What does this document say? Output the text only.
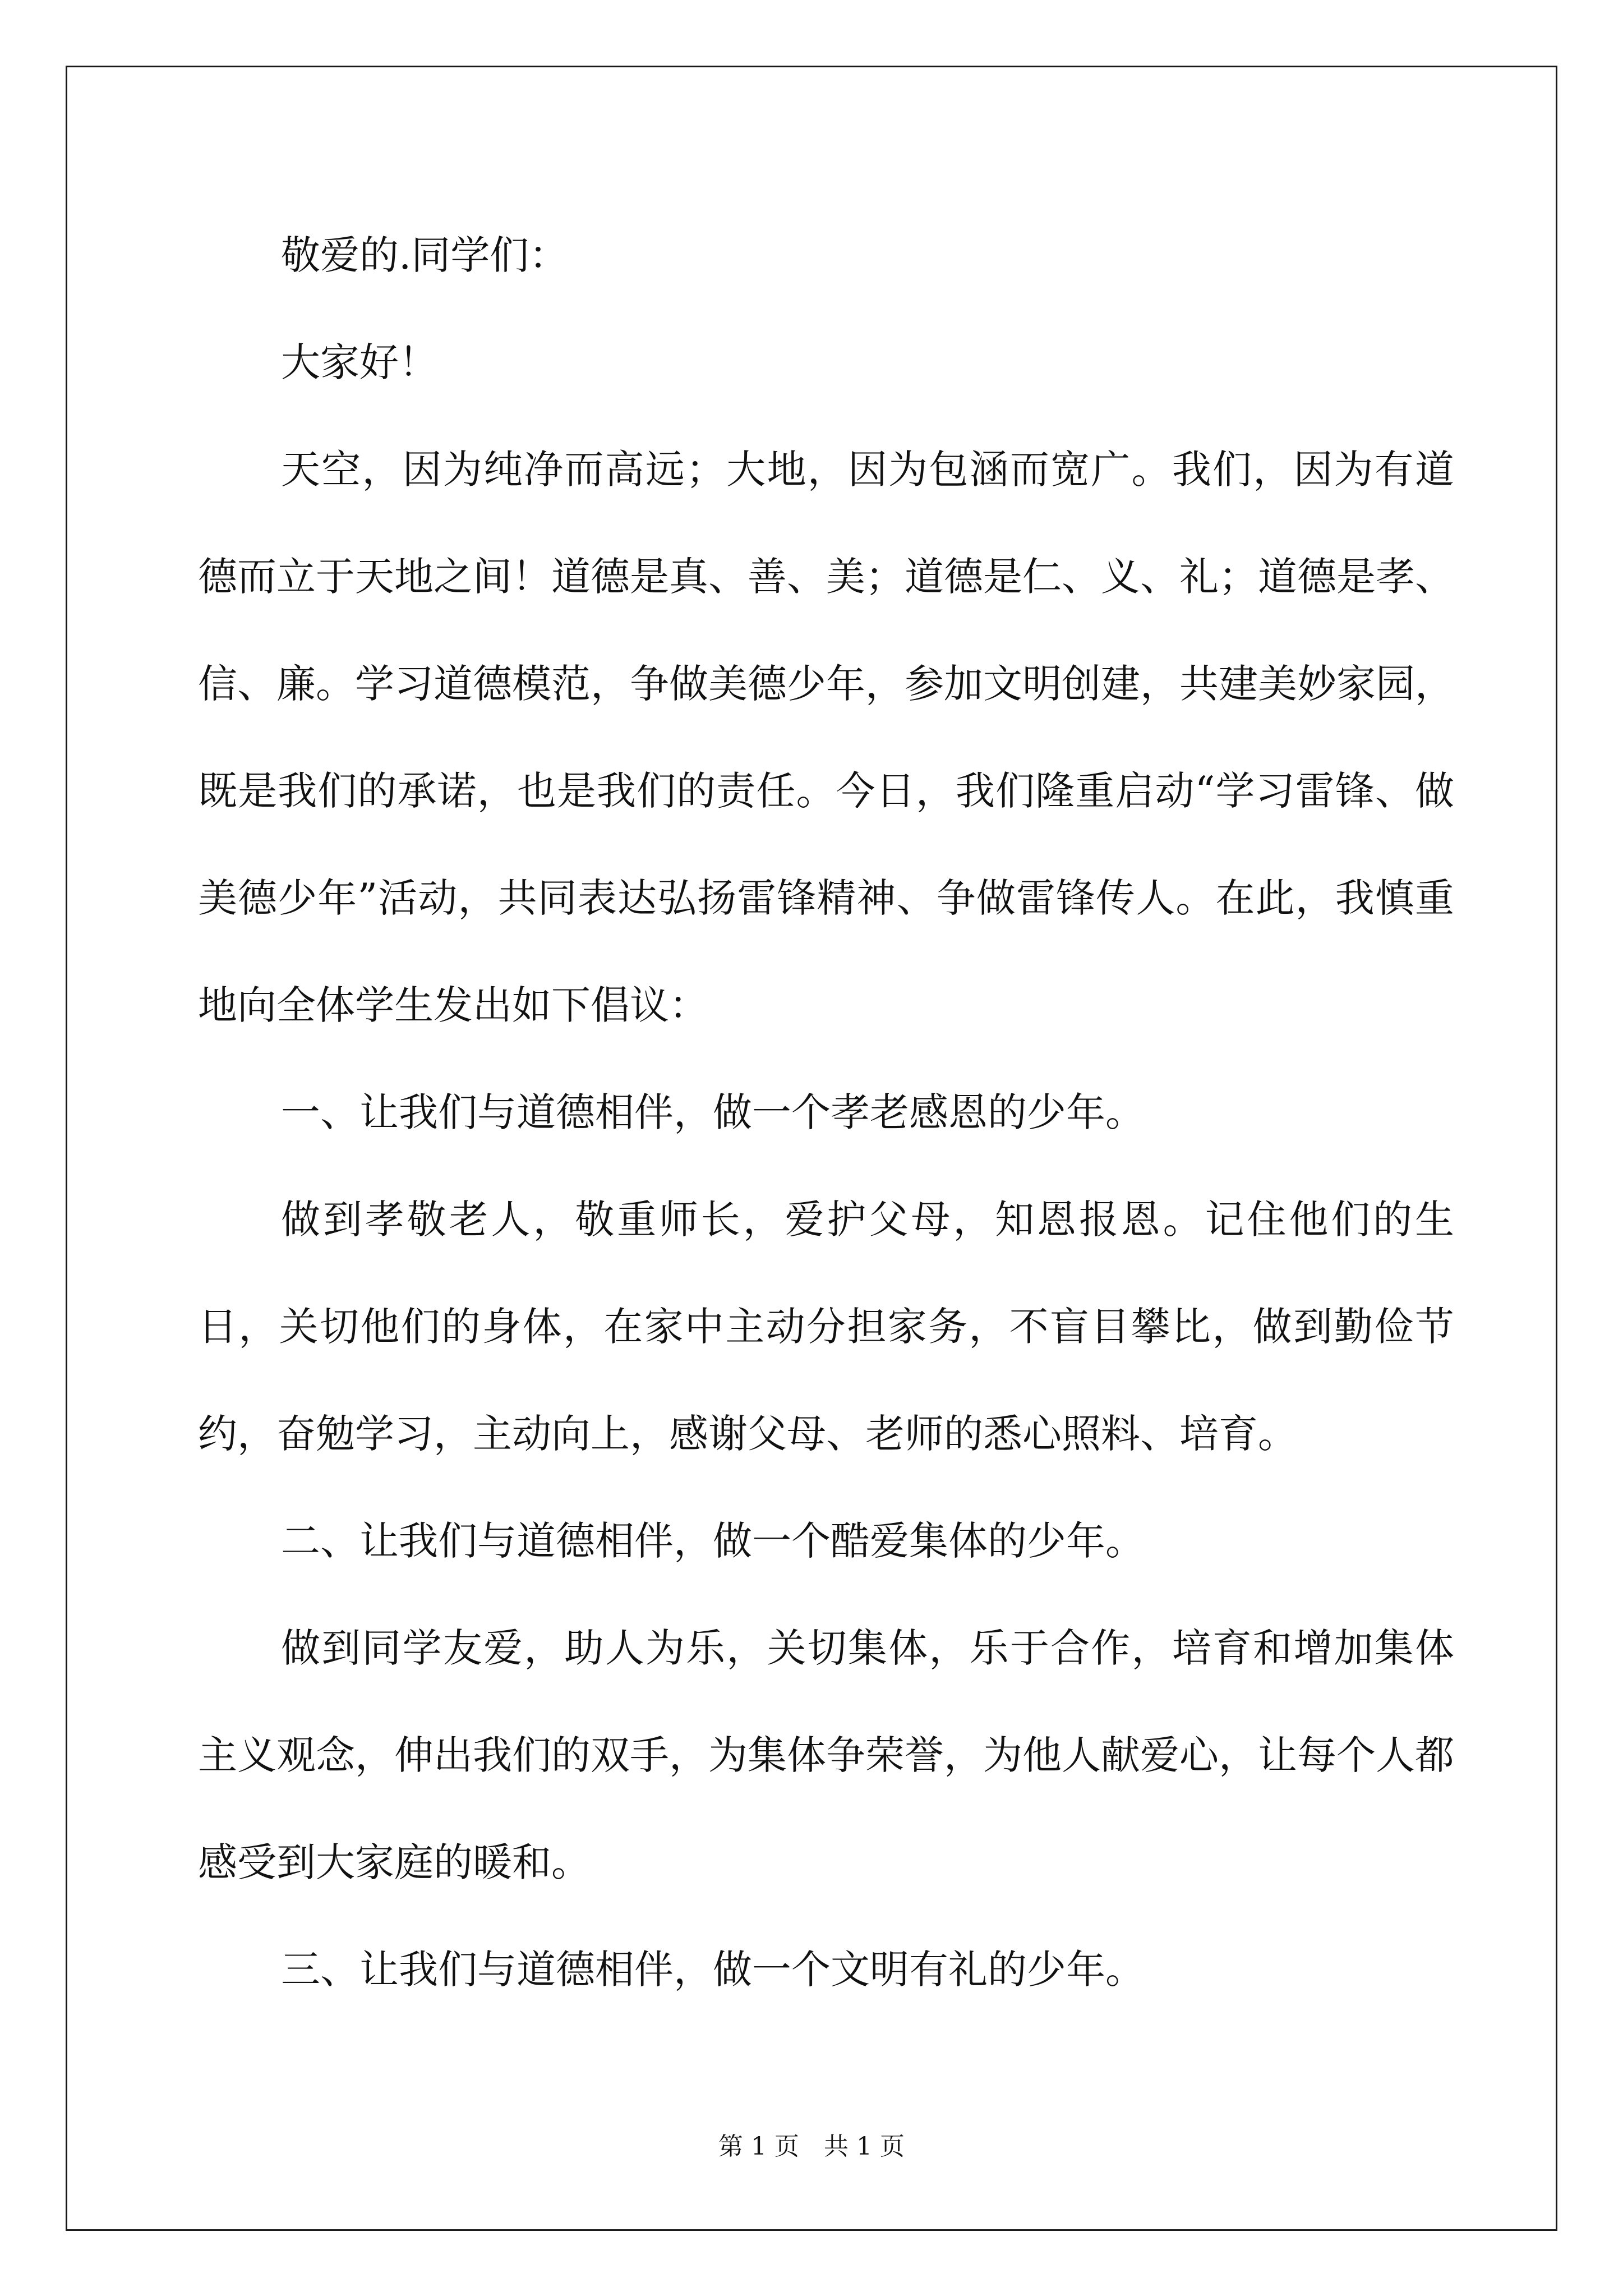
敬爱的.同学们：

大家好！

天空，因为纯净而高远；大地，因为包涵而宽广。我们，因为有道德而立于天地之间！道德是真、善、美；道德是仁、义、礼；道德是孝、信、廉。学习道德模范，争做美德少年，参加文明创建，共建美妙家园，既是我们的承诺，也是我们的责任。今日，我们隆重启动“学习雷锋、做美德少年”活动，共同表达弘扬雷锋精神、争做雷锋传人。在此，我慎重地向全体学生发出如下倡议：

一、让我们与道德相伴，做一个孝老感恩的少年。

做到孝敬老人，敬重师长，爱护父母，知恩报恩。记住他们的生日，关切他们的身体，在家中主动分担家务，不盲目攀比，做到勤俭节约，奋勉学习，主动向上，感谢父母、老师的悉心照料、培育。

二、让我们与道德相伴，做一个酷爱集体的少年。

做到同学友爱，助人为乐，关切集体，乐于合作，培育和增加集体主义观念，伸出我们的双手，为集体争荣誉，为他人献爱心，让每个人都感受到大家庭的暖和。

三、让我们与道德相伴，做一个文明有礼的少年。

第 1 页　共 1 页
